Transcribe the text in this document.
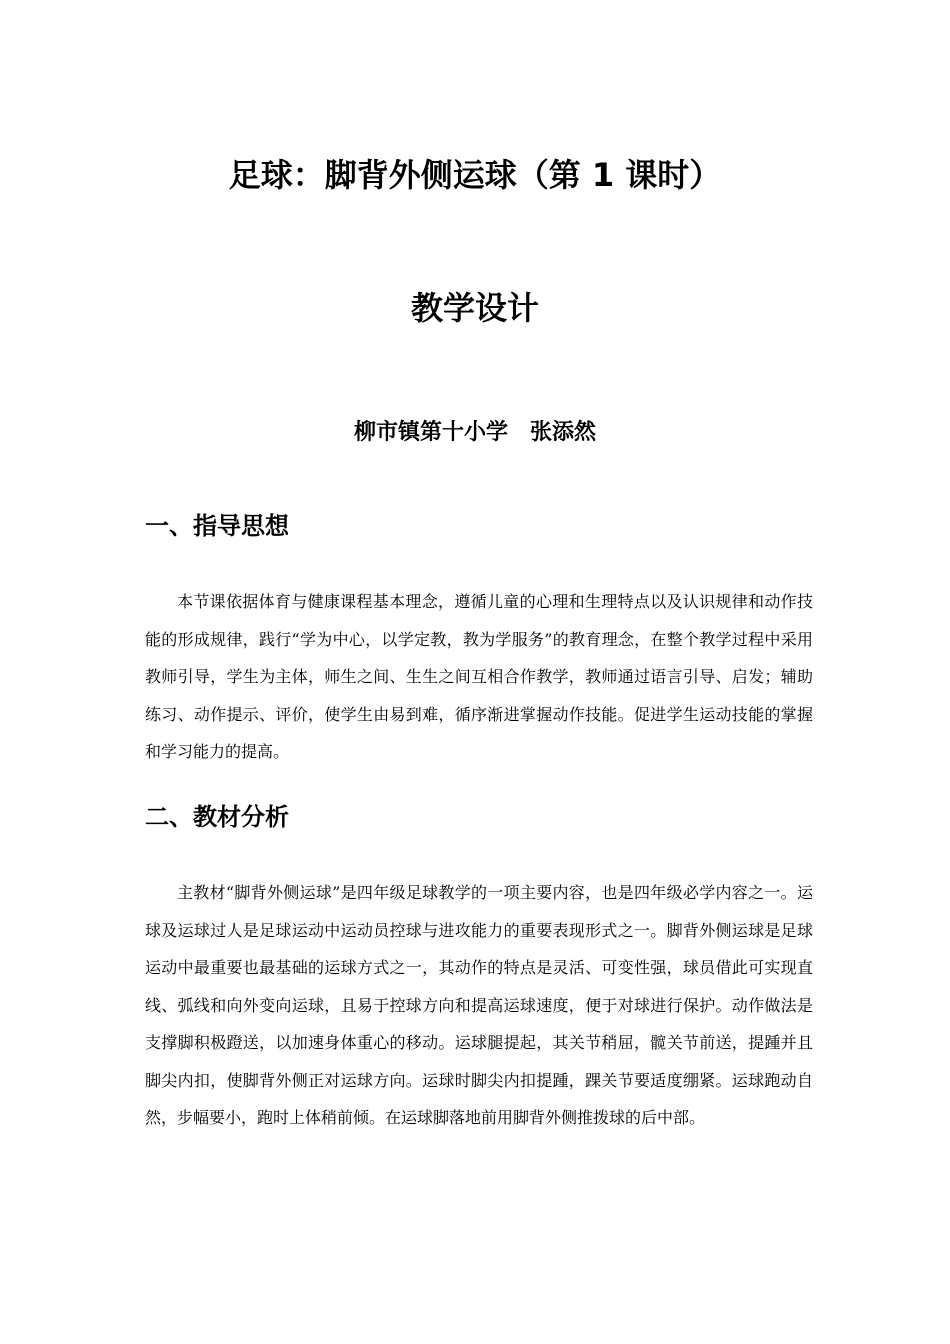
足球：脚背外侧运球（第 1 课时）
教学设计

柳市镇第十小学 张添然

一、指导思想

本节课依据体育与健康课程基本理念，遵循儿童的心理和生理特点以及认识规律和动作技能的形成规律，践行“学为中心，以学定教，教为学服务”的教育理念，在整个教学过程中采用教师引导，学生为主体，师生之间、生生之间互相合作教学，教师通过语言引导、启发；辅助练习、动作提示、评价，使学生由易到难，循序渐进掌握动作技能。促进学生运动技能的掌握和学习能力的提高。

二、教材分析

主教材“脚背外侧运球”是四年级足球教学的一项主要内容，也是四年级必学内容之一。运球及运球过人是足球运动中运动员控球与进攻能力的重要表现形式之一。脚背外侧运球是足球运动中最重要也最基础的运球方式之一，其动作的特点是灵活、可变性强，球员借此可实现直线、弧线和向外变向运球，且易于控球方向和提高运球速度，便于对球进行保护。动作做法是支撑脚积极蹬送，以加速身体重心的移动。运球腿提起，其关节稍屈，髋关节前送，提踵并且脚尖内扣，使脚背外侧正对运球方向。运球时脚尖内扣提踵，踝关节要适度绷紧。运球跑动自然，步幅要小，跑时上体稍前倾。在运球脚落地前用脚背外侧推拨球的后中部。
